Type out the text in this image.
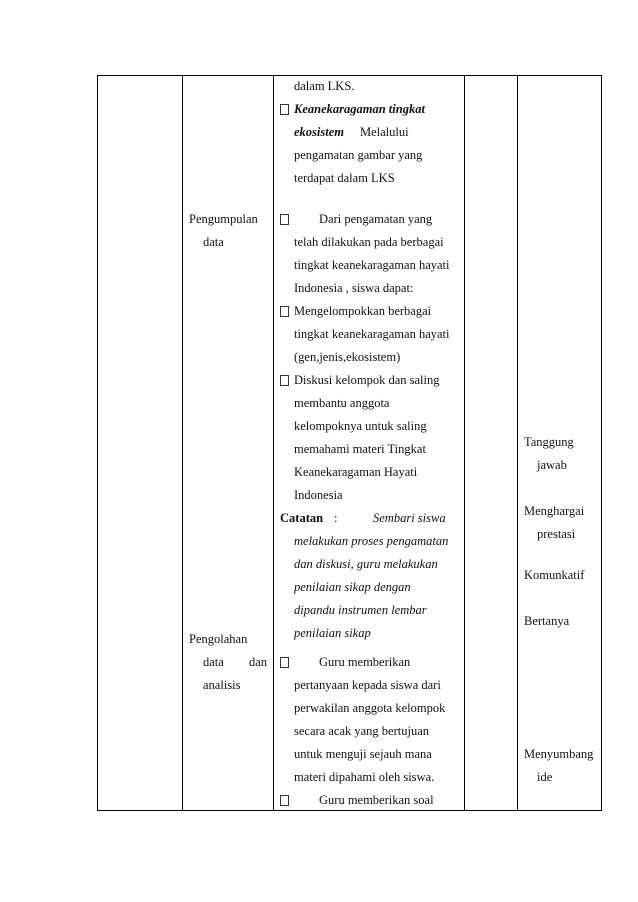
Pengumpulan
data
Pengolahan
data dan
analisis
dalam LKS.
Keanekaragaman tingkat
ekosistem Melalului
pengamatan gambar yang
terdapat dalam LKS
Dari pengamatan yang
telah dilakukan pada berbagai
tingkat keanekaragaman hayati
Indonesia , siswa dapat:
Mengelompokkan berbagai
tingkat keanekaragaman hayati
(gen,jenis,ekosistem)
Diskusi kelompok dan saling
membantu anggota
kelompoknya untuk saling
memahami materi Tingkat
Keanekaragaman Hayati
Indonesia
Catatan :	Sembari siswa
melakukan proses pengamatan
dan diskusi, guru melakukan
penilaian sikap dengan
dipandu instrumen lembar
penilaian sikap
Guru memberikan
pertanyaan kepada siswa dari
perwakilan anggota kelompok
secara acak yang bertujuan
untuk menguji sejauh mana
materi dipahami oleh siswa.
Guru memberikan soal
Tanggung
jawab
Menghargai
prestasi
Komunkatif
Bertanya
Menyumbang
ide
